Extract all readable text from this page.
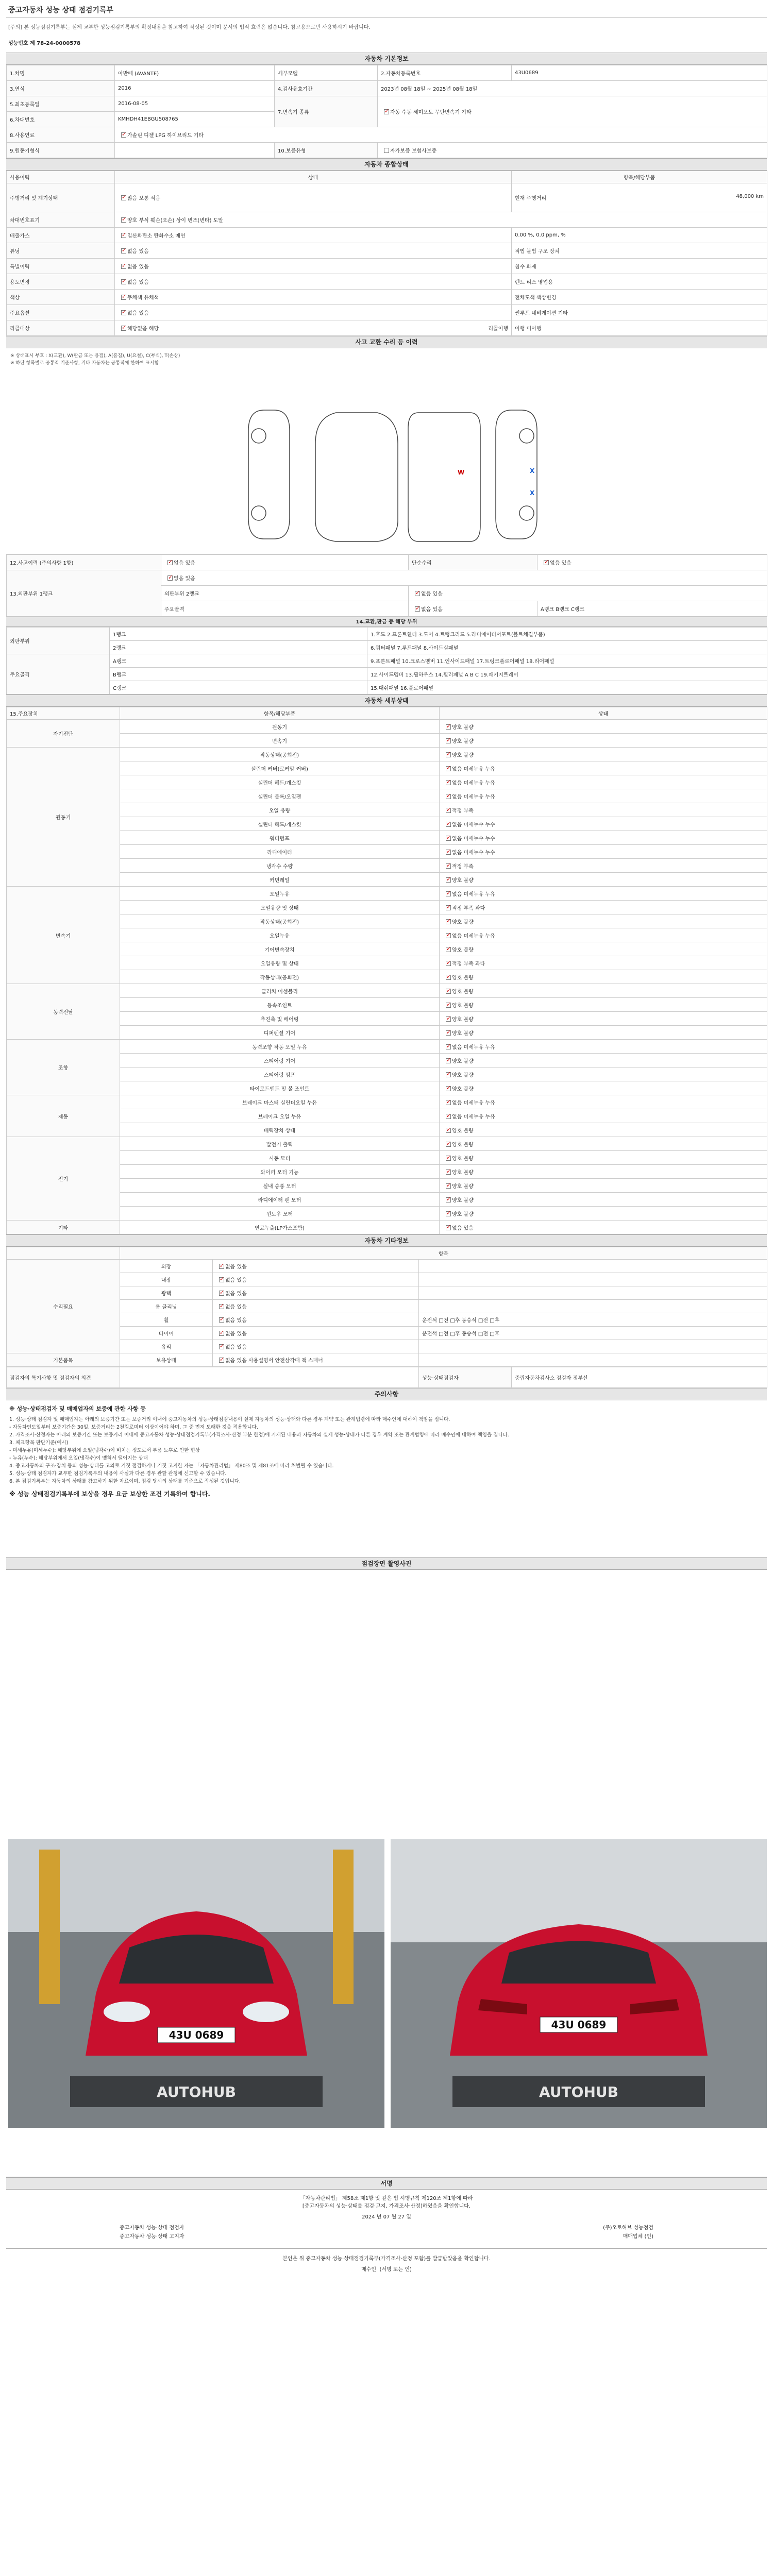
중고자동차 성능 상태 점검기록부
[주의] 본 성능점검기록부는 실제 교부한 성능점검기록부의 확정내용을 참고하여 작성된 것이며 문서의 법적 효력은 없습니다. 참고용으로만 사용하시기 바랍니다.
성능번호 제 78-24-0000578
자동차 기본정보
1.차명	아반떼 (AVANTE)	세부모델	2.자동차등록번호	43U0689
3.연식	2016	4.검사유효기간	2023년 08월 18일 ~ 2025년 08월 18일	
5.최초등록일	2016-08-05	7.변속기 종류	✓자동 수동 세미오토 무단변속기 기타
6.차대번호	KMHDH41EBGU508765			
8.사용연료	✓가솔린 디젤 LPG 하이브리드 기타
9.원동기형식		10.보증유형	자가보증 보험사보증	
자동차 종합상태
사용이력	상태	항목/해당부품
주행거리 및 계기상태	✓많음 보통 적음	현재 주행거리 48,000 km

차대번호표기	✓양호 부식 훼손(오손) 상이 변조(변타) 도말
배출가스	✓일산화탄소 탄화수소 매연	0.00 %, 0.0 ppm, %
튜닝	✓없음 있음	적법 불법 구조 장치
특별이력	✓없음 있음	침수 화재
용도변경	✓없음 있음	렌트 리스 영업용
색상	✓무채색 유채색	전체도색 색상변경
주요옵션	✓없음 있음	썬루프 네비게이션 기타
리콜대상	✓해당없음 해당 리콜이행	이행 미이행
사고 교환 수리 등 이력
※ 상태표시 부호 : X(교환), W(판금 또는 용접), A(흠집), U(요철), C(부식), T(손상)
※ 하단 항목별로 공통적 기준사항, 기타 자동차는 공통적에 한하여 표시함
W	X
X
12.사고이력 (주의사항 1항)	✓없음 있음	단순수리	✓없음 있음
13.외판부위 1랭크	✓없음 있음
	외판부위 2랭크	✓없음 있음
	주요골격	✓없음 있음	A랭크 B랭크 C랭크
14.교환,판금 등 해당 부위
외판부위	1랭크	1.후드 2.프론트휀더 3.도어 4.트렁크리드 5.라디에이터서포트(볼트체결부품)
	2랭크	6.쿼터패널 7.루프패널 8.사이드실패널
주요골격	A랭크	9.프론트패널 10.크로스멤버 11.인사이드패널 17.트렁크플로어패널 18.리어패널
	B랭크	12.사이드멤버 13.휠하우스 14.필러패널 A B C 19.패키지트레이
	C랭크	15.대쉬패널 16.플로어패널
자동차 세부상태
15.주요장치	항목/해당부품	상태
자기진단	원동기	✓양호 불량
	변속기	✓양호 불량
원동기	작동상태(공회전)	✓양호 불량
	실린더 커버(로커암 커버)	✓없음 미세누유 누유
	실린더 헤드/개스킷	✓없음 미세누유 누유
	실린더 블록/오일팬	✓없음 미세누유 누유
	오일 유량	✓적정 부족
	실린더 헤드/개스킷	✓없음 미세누수 누수
	워터펌프	✓없음 미세누수 누수
	라디에이터	✓없음 미세누수 누수
	냉각수 수량	✓적정 부족
	커먼레일	✓양호 불량
변속기	오일누유	✓없음 미세누유 누유
	오일유량 및 상태	✓적정 부족 과다
	작동상태(공회전)	✓양호 불량
	오일누유	✓없음 미세누유 누유
	기어변속장치	✓양호 불량
	오일유량 및 상태	✓적정 부족 과다
	작동상태(공회전)	✓양호 불량
동력전달	클러치 어셈블리	✓양호 불량
	등속조인트	✓양호 불량
	추진축 및 베어링	✓양호 불량
	디퍼렌셜 기어	✓양호 불량
조향	동력조향 작동 오일 누유	✓없음 미세누유 누유
	스티어링 기어	✓양호 불량
	스티어링 펌프	✓양호 불량
	타이로드엔드 및 볼 조인트	✓양호 불량
제동	브레이크 마스터 실린더오일 누유	✓없음 미세누유 누유
	브레이크 오일 누유	✓없음 미세누유 누유
	배력장치 상태	✓양호 불량
전기	발전기 출력	✓양호 불량
	시동 모터	✓양호 불량
	와이퍼 모터 기능	✓양호 불량
	실내 송풍 모터	✓양호 불량
	라디에이터 팬 모터	✓양호 불량
	윈도우 모터	✓양호 불량
기타	연료누출(LP가스포함)	✓없음 있음
자동차 기타정보
	항목		
수리필요	외장	✓없음 있음	
	내장	✓없음 있음	
	광택	✓없음 있음	
	룸 클리닝	✓없음 있음	
	휠	✓없음 있음	운전석 □전 □후 동승석 □전 □후
	타이어	✓없음 있음	운전석 □전 □후 동승석 □전 □후
	유리	✓없음 있음	
기본품목	보유상태	✓없음 있음 사용설명서 안전삼각대 잭 스패너	
점검자의 특기사항 및 점검자의 의견		성능·상태점검자	중립자동차검사소 점검자 정부선
주의사항
※ 성능·상태점검자 및 매매업자의 보증에 관한 사항 등
1. 성능·상태 점검자 및 매매업자는 아래의 보증기간 또는 보증거리 이내에 중고자동차의 성능·상태점검내용이 실제 자동차의 성능·상태와 다른 경우 계약 또는 관계법령에 따라 매수인에 대하여 책임을 집니다.
- 자동차인도일부터 보증기간은 30일, 보증거리는 2천킬로미터 이상이어야 하며, 그 중 먼저 도래한 것을 적용합니다.
2. 가격조사·산정자는 아래의 보증기간 또는 보증거리 이내에 중고자동차 성능·상태점검기록부(가격조사·산정 부분 한정)에 기재된 내용과 자동차의 실제 성능·상태가 다른 경우 계약 또는 관계법령에 따라 매수인에 대하여 책임을 집니다.
3. 체크항목 판단기준(예시)
- 미세누유(미세누수): 해당부위에 오일(냉각수)이 비치는 정도로서 부품 노후로 인한 현상
- 누유(누수): 해당부위에서 오일(냉각수)이 맺혀서 떨어지는 상태
4. 중고자동차의 구조·장치 등의 성능·상태를 고의로 거짓 점검하거나 거짓 고지한 자는 「자동차관리법」 제80조 및 제81조에 따라 처벌될 수 있습니다.
5. 성능·상태 점검자가 교부한 점검기록부의 내용이 사실과 다른 경우 관할 관청에 신고할 수 있습니다.
6. 본 점검기록부는 자동차의 상태를 참고하기 위한 자료이며, 점검 당시의 상태를 기준으로 작성된 것입니다.
※ 성능 상태점검기록부에 보상을 경우 요금 보상한 조건 기록하여 합니다.
점검장면 촬영사진
43U 0689
AUTOHUB
43U 0689
AUTOHUB
서명
「자동차관리법」 제58조 제1항 및 같은 법 시행규칙 제120조 제1항에 따라
[중고자동차의 성능·상태를 점검·고지, 가격조사·산정]하였음을 확인합니다.
2024 년 07 월 27 일
중고자동차 성능·상태 점검자	(주)오토허브 성능점검
중고자동차 성능·상태 고지자	매매업체 (인)
본인은 위 중고자동차 성능·상태점검기록부(가격조사·산정 포함)를 발급받았음을 확인합니다.
매수인 (서명 또는 인)
